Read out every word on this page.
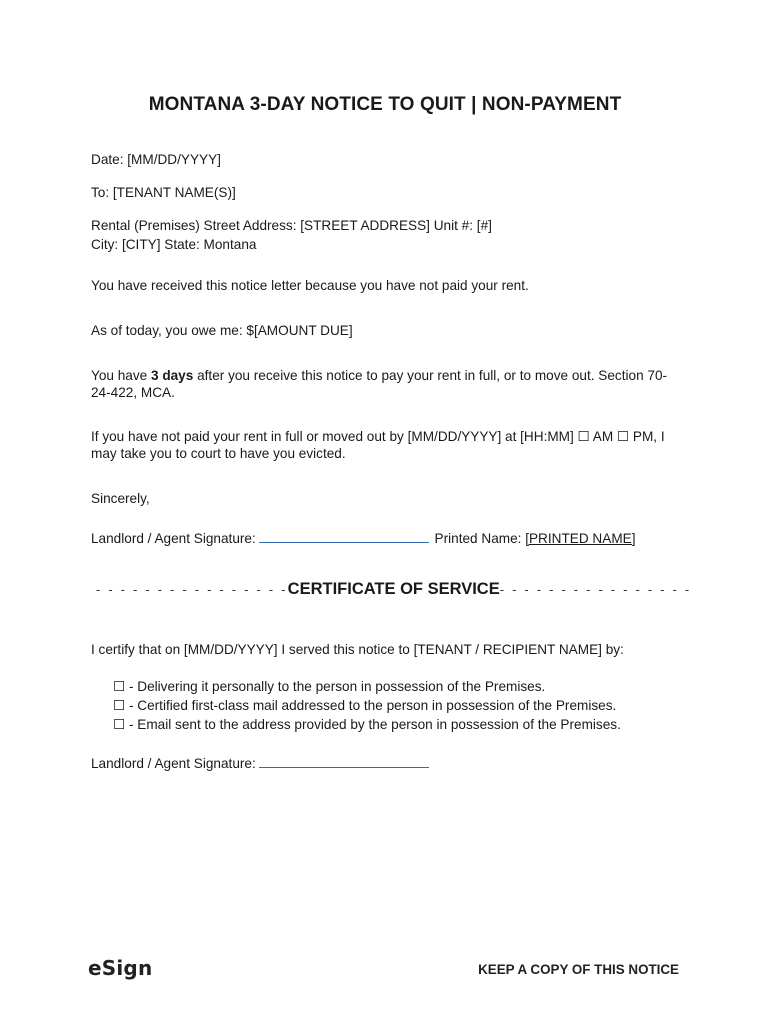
MONTANA 3-DAY NOTICE TO QUIT | NON-PAYMENT
Date: [MM/DD/YYYY]
To: [TENANT NAME(S)]
Rental (Premises) Street Address: [STREET ADDRESS] Unit #: [#]
City: [CITY] State: Montana
You have received this notice letter because you have not paid your rent.
As of today, you owe me: $[AMOUNT DUE]
You have 3 days after you receive this notice to pay your rent in full, or to move out. Section 70-24-422, MCA.
If you have not paid your rent in full or moved out by [MM/DD/YYYY] at [HH:MM] ☐ AM ☐ PM, I may take you to court to have you evicted.
Sincerely,
Landlord / Agent Signature:	Printed Name: [PRINTED NAME]
- - - - - - - - - - - - - - - - CERTIFICATE OF SERVICE - - - - - - - - - - - - - - - -
I certify that on [MM/DD/YYYY] I served this notice to [TENANT / RECIPIENT NAME] by:
☐ - Delivering it personally to the person in possession of the Premises.
☐ - Certified first-class mail addressed to the person in possession of the Premises.
☐ - Email sent to the address provided by the person in possession of the Premises.
Landlord / Agent Signature:
eSign	KEEP A COPY OF THIS NOTICE
